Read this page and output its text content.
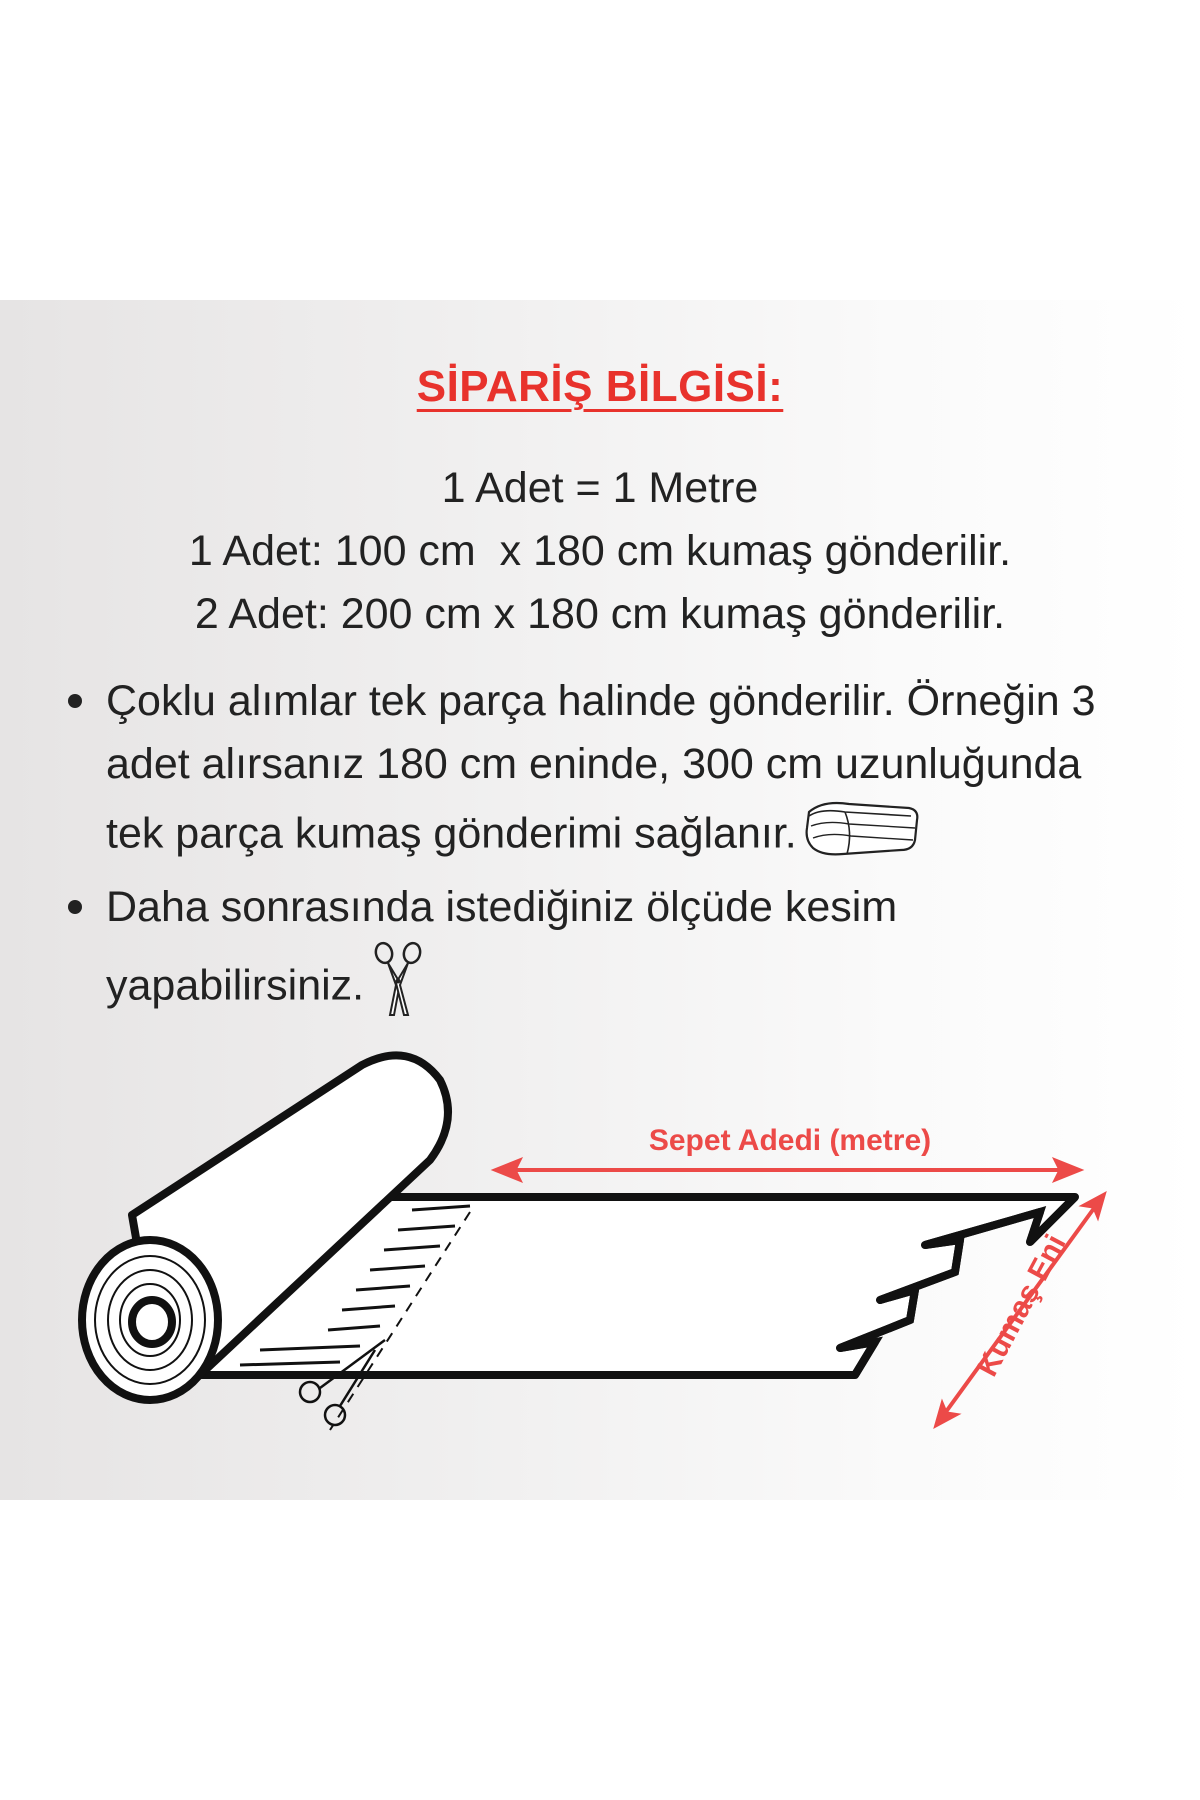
SİPARİŞ BİLGİSİ:
1 Adet = 1 Metre
1 Adet: 100 cm  x 180 cm kumaş gönderilir.
2 Adet: 200 cm x 180 cm kumaş gönderilir.
Çoklu alımlar tek parça halinde gönderilir. Örneğin 3
adet alırsanız 180 cm eninde, 300 cm uzunluğunda
tek parça kumaş gönderimi sağlanır.
Daha sonrasında istediğiniz ölçüde kesim
yapabilirsiniz.
Sepet Adedi (metre)
Kumaş Eni
